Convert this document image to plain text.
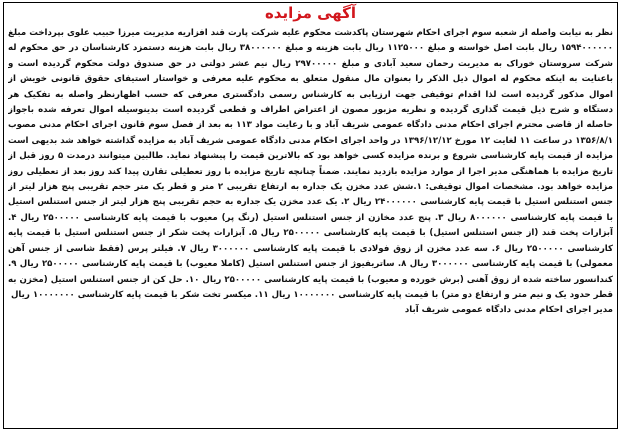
آگهی مزایده

نظر به نیابت واصله از شعبه سوم اجرای احکام شهرستان پاکدشت محکوم علیه شرکت پارت قند افزاریه مدیریت میرزا حبیب علوی بپرداخت مبلغ ۱۵۹۴۰۰۰۰۰۰ ریال بابت اصل خواسته و مبلغ ۱۱۲۵۰۰۰ ریال بابت هزینه و مبلغ ۳۸۰۰۰۰۰۰ ریال بابت هزینه دستمزد کارشناسان در حق محکوم له شرکت سروستان خوراک به مدیریت رحمان سعید آبادی و مبلغ ۲۹۷۰۰۰۰۰ ریال نیم عشر دولتی در حق صندوق دولت محکوم گردیده است و باعنایت به اینکه محکوم له اموال ذیل الذکر را بعنوان مال منقول متعلق به محکوم علیه معرفی و خواستار استیفای حقوق قانونی خویش از اموال مذکور گردیده است لذا اقدام توقیفی جهت ارزیابی به کارشناس رسمی دادگستری معرفی که حسب اظهارنظر واصله به تفکیک هر دستگاه و شرح ذیل قیمت گذاری گردیده و نظریه مزبور مصون از اعتراض اطراف و قطعی گردیده است بدینوسیله اموال تعرفه شده باجواز حاصله از قاضی محترم اجرای احکام مدنی دادگاه عمومی شریف آباد و با رعایت مواد ۱۱۳ به بعد از فصل سوم قانون اجرای احکام مدنی مصوب ۱۳۵۶/۸/۱ در ساعت ۱۱ لغایت ۱۲ مورخ ۱۳۹۶/۱۲/۱۲ در واحد اجرای احکام مدنی دادگاه عمومی شریف آباد به مزایده گذاشته خواهد شد بدیهی است مزایده از قیمت پایه کارشناسی شروع و برنده مزایده کسی خواهد بود که بالاترین قیمت را پیشنهاد نماید. طالبین میتوانند درمدت ۵ روز قبل از تاریخ مزایده با هماهنگی مدیر اجرا از موارد مزایده بازدید نمایند. ضمناً چنانچه تاریخ مزایده با روز تعطیلی تقارن پیدا کند روز بعد از تعطیلی روز مزایده خواهد بود. مشخصات اموال توقیفی: ۱.شش عدد مخزن یک جداره به ارتفاع تقریبی ۲ متر و قطر یک متر حجم تقریبی پنج هزار لیتر از جنس استنلس استیل با قیمت پایه کارشناسی ۲۴۰۰۰۰۰۰ ریال ۲. یک عدد مخزن یک جداره به حجم تقریبی پنج هزار لیتر از جنس استنلس استیل با قیمت پایه کارشناسی ۸۰۰۰۰۰۰ ریال ۳. پنج عدد مخازن از جنس استنلس استیل (رنگ پر) معیوب با قیمت پایه کارشناسی ۲۵۰۰۰۰۰ ریال ۴. آبزارات پخت قند (از جنس استنلس استیل) با قیمت پایه کارشناسی ۲۵۰۰۰۰۰ ریال ۵. آبزارات پخت شکر از جنس استنلس استیل با قیمت پایه کارشناسی ۲۵۰۰۰۰۰ ریال ۶. سه عدد مخزن از زوق فولادی با قیمت پایه کارشناسی ۳۰۰۰۰۰۰ ریال ۷. فیلتر پرس (فقط شاسی از جنس آهن معمولی) با قیمت پایه کارشناسی ۳۰۰۰۰۰۰ ریال ۸. ساتریفیوژ از جنس استنلس استیل (کاملا معیوب) با قیمت پایه کارشناسی ۲۵۰۰۰۰۰ ریال ۹. کندانسور ساخته شده از زوق آهنی (برش خورده و معیوب) با قیمت پایه کارشناسی ۲۵۰۰۰۰۰ ریال ۱۰. حل کن از جنس استنلس استیل (مخزن به قطر حدود یک و نیم متر و ارتفاع دو متر) با قیمت پایه کارشناسی ۱۰۰۰۰۰۰۰ ریال ۱۱. میکسر تخت شکر با قیمت پایه کارشناسی ۱۰۰۰۰۰۰۰ ریال

مدیر اجرای احکام مدنی دادگاه عمومی شریف آباد
